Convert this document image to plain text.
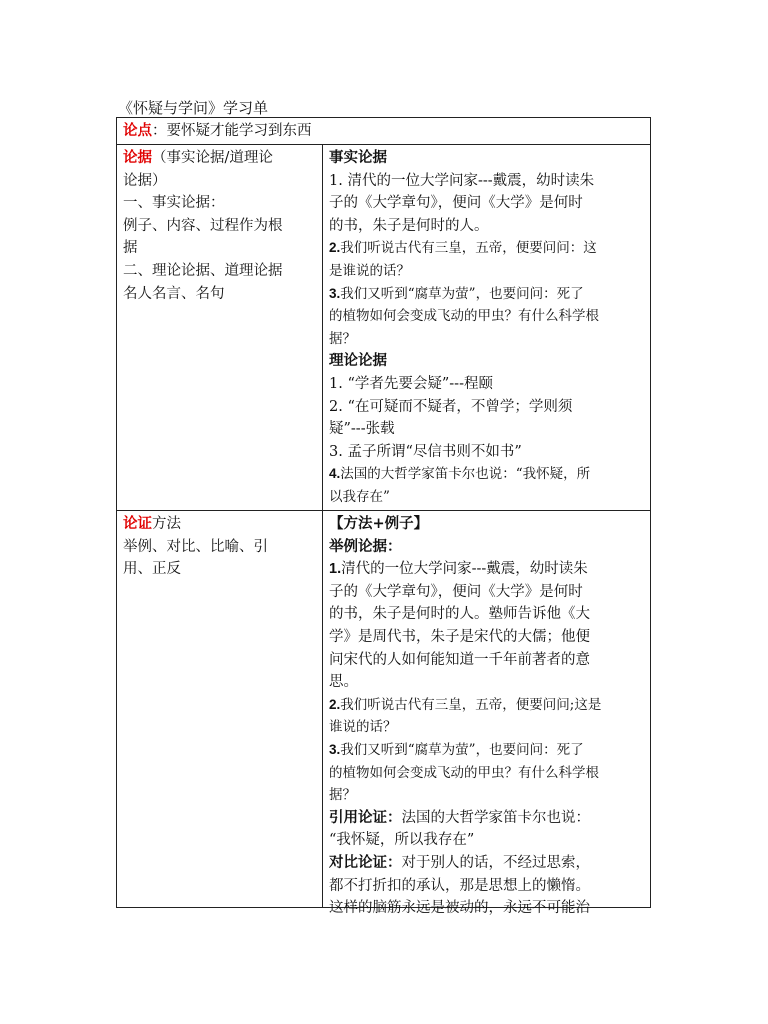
《怀疑与学问》学习单
论点：要怀疑才能学习到东西

论据（事实论据/道理论

论据）

一、事实论据：

例子、内容、过程作为根

据

二、理论论据、道理论据

名人名言、名句

事实论据

1. 清代的一位大学问家---戴震，幼时读朱

子的《大学章句》，便问《大学》是何时

的书，朱子是何时的人。

2.我们听说古代有三皇，五帝，便要问问：这

是谁说的话？

3.我们又听到“腐草为萤”，也要问问：死了

的植物如何会变成飞动的甲虫？有什么科学根

据？

理论论据

1. “学者先要会疑”---程颐

2. “在可疑而不疑者，不曾学；学则须

疑”---张载

3. 孟子所谓“尽信书则不如书”

4.法国的大哲学家笛卡尔也说：“我怀疑，所

以我存在”

论证方法

举例、对比、比喻、引

用、正反

【方法+例子】

举例论据：

1.清代的一位大学问家---戴震，幼时读朱

子的《大学章句》，便问《大学》是何时

的书，朱子是何时的人。塾师告诉他《大

学》是周代书，朱子是宋代的大儒；他便

问宋代的人如何能知道一千年前著者的意

思。

2.我们听说古代有三皇，五帝，便要问问;这是

谁说的话？

3.我们又听到“腐草为萤”，也要问问：死了

的植物如何会变成飞动的甲虫？有什么科学根

据？

引用论证：法国的大哲学家笛卡尔也说：

“我怀疑，所以我存在”

对比论证：对于别人的话，不经过思索，

都不打折扣的承认，那是思想上的懒惰。

这样的脑筋永远是被动的，永远不可能治
